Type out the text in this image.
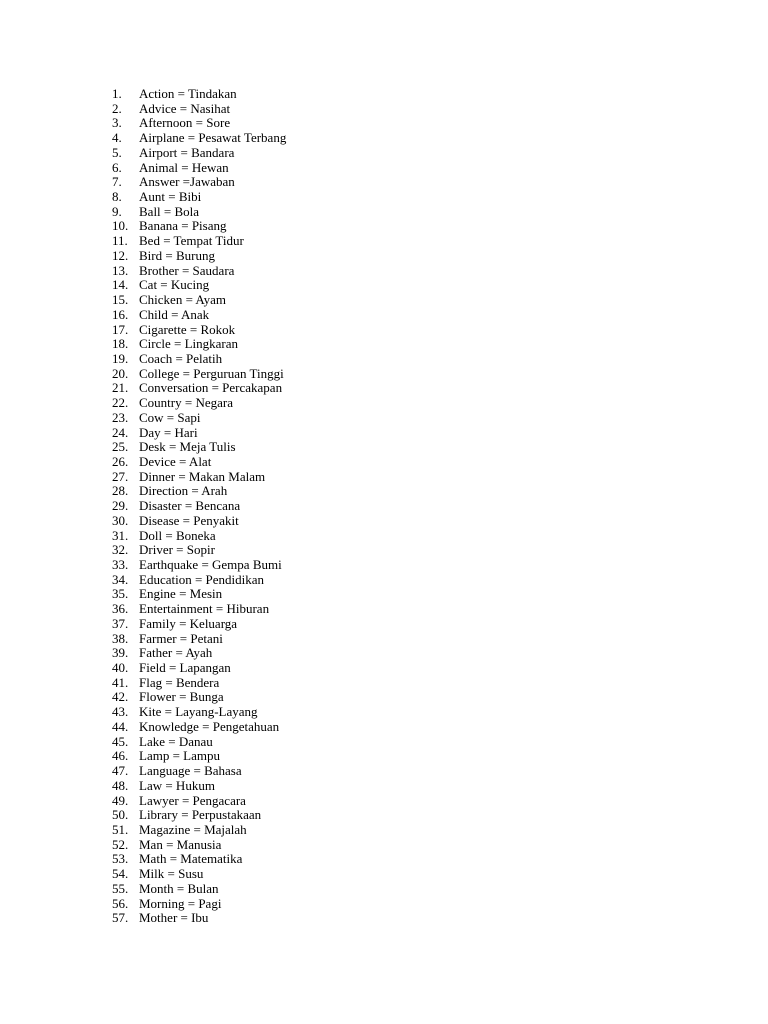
1.	Action = Tindakan
2.	Advice = Nasihat
3.	Afternoon = Sore
4.	Airplane = Pesawat Terbang
5.	Airport = Bandara
6.	Animal = Hewan
7.	Answer =Jawaban
8.	Aunt = Bibi
9.	Ball = Bola
10. Banana = Pisang
11. Bed = Tempat Tidur
12. Bird = Burung
13. Brother = Saudara
14. Cat = Kucing
15. Chicken = Ayam
16. Child = Anak
17. Cigarette = Rokok
18. Circle = Lingkaran
19. Coach = Pelatih
20. College = Perguruan Tinggi
21. Conversation = Percakapan
22. Country = Negara
23. Cow = Sapi
24. Day = Hari
25. Desk = Meja Tulis
26. Device = Alat
27. Dinner = Makan Malam
28. Direction = Arah
29. Disaster = Bencana
30. Disease = Penyakit
31. Doll = Boneka
32. Driver = Sopir
33. Earthquake = Gempa Bumi
34. Education = Pendidikan
35. Engine = Mesin
36. Entertainment = Hiburan
37. Family = Keluarga
38. Farmer = Petani
39. Father = Ayah
40. Field = Lapangan
41. Flag = Bendera
42. Flower = Bunga
43. Kite = Layang-Layang
44. Knowledge = Pengetahuan
45. Lake = Danau
46. Lamp = Lampu
47. Language = Bahasa
48. Law = Hukum
49. Lawyer = Pengacara
50. Library = Perpustakaan
51. Magazine = Majalah
52. Man = Manusia
53. Math = Matematika
54. Milk = Susu
55. Month = Bulan
56. Morning = Pagi
57. Mother = Ibu
